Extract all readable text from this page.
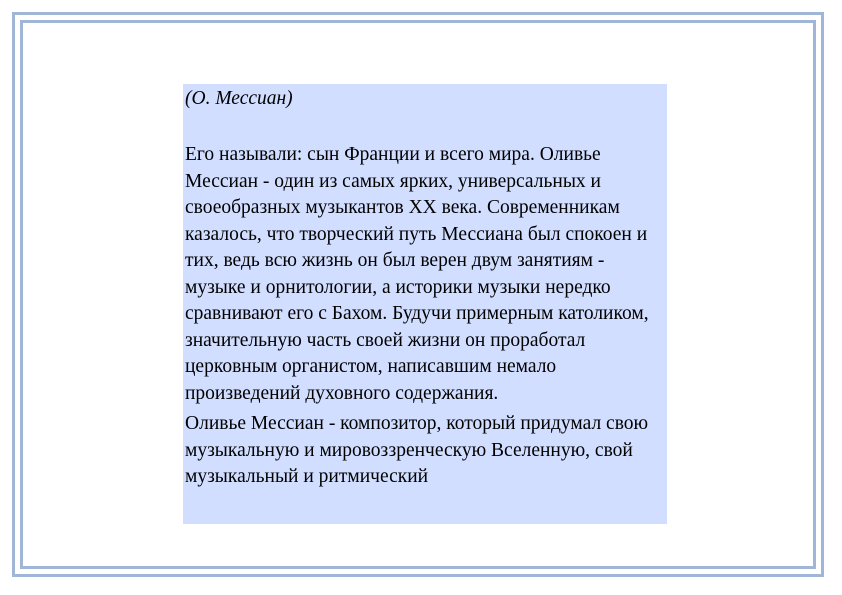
(О. Мессиан)

Его называли: сын Франции и всего мира. Оливье Мессиан - один из самых ярких, универсальных и своеобразных музыкантов XX века. Современникам казалось, что творческий путь Мессиана был спокоен и тих, ведь всю жизнь он был верен двум занятиям - музыке и орнитологии, а историки музыки нередко сравнивают его с Бахом. Будучи примерным католиком, значительную часть своей жизни он проработал церковным органистом, написавшим немало произведений духовного содержания.

Оливье Мессиан - композитор, который придумал свою музыкальную и мировоззренческую Вселенную, свой музыкальный и ритмический
